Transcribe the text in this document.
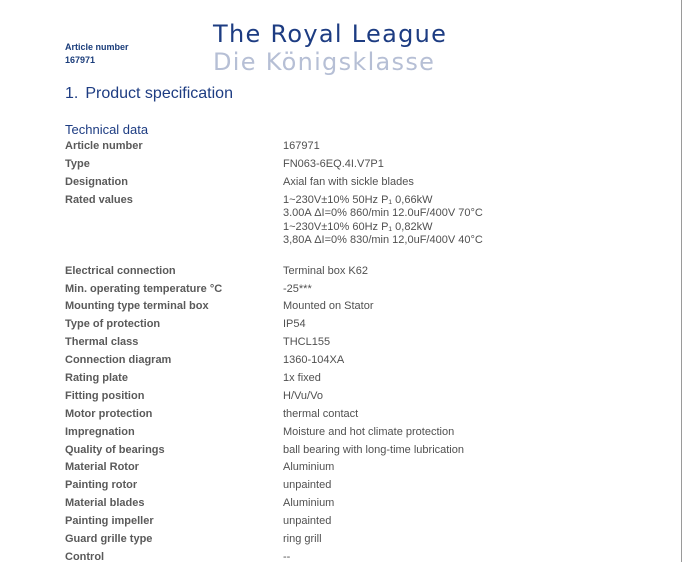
Article number
167971
The Royal League
Die Königsklasse
1. Product specification
Technical data
Article number	167971
Type	FN063-6EQ.4I.V7P1
Designation	Axial fan with sickle blades
Rated values	1~230V±10% 50Hz P₁ 0,66kW
3.00A ΔI=0% 860/min 12.0uF/400V 70°C
1~230V±10% 60Hz P₁ 0,82kW
3,80A ΔI=0% 830/min 12,0uF/400V 40°C
Electrical connection	Terminal box K62
Min. operating temperature °C	-25***
Mounting type terminal box	Mounted on Stator
Type of protection	IP54
Thermal class	THCL155
Connection diagram	1360-104XA
Rating plate	1x fixed
Fitting position	H/Vu/Vo
Motor protection	thermal contact
Impregnation	Moisture and hot climate protection
Quality of bearings	ball bearing with long-time lubrication
Material Rotor	Aluminium
Painting rotor	unpainted
Material blades	Aluminium
Painting impeller	unpainted
Guard grille type	ring grill
Control	--
